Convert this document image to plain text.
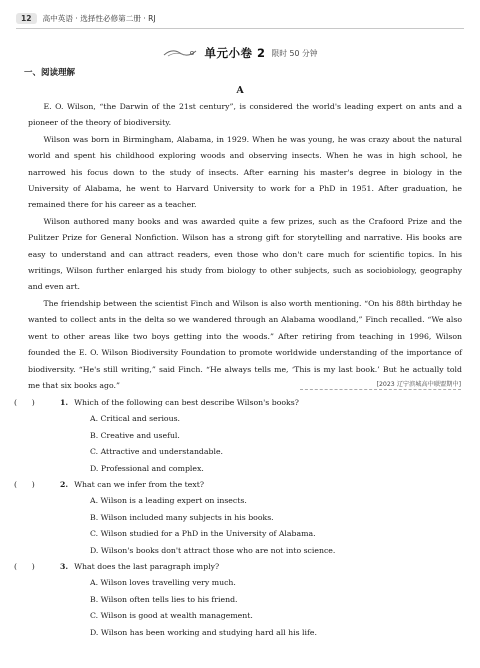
12	高中英语 · 选择性必修第二册 · RJ
单元小卷 2 限时 50 分钟
一、阅读理解
A

E. O. Wilson, “the Darwin of the 21st century”, is considered the world's leading expert on ants and a pioneer of the theory of biodiversity.

Wilson was born in Birmingham, Alabama, in 1929. When he was young, he was crazy about the natural world and spent his childhood exploring woods and observing insects. When he was in high school, he narrowed his focus down to the study of insects. After earning his master's degree in biology in the University of Alabama, he went to Harvard University to work for a PhD in 1951. After graduation, he remained there for his career as a teacher.

Wilson authored many books and was awarded quite a few prizes, such as the Crafoord Prize and the Pulitzer Prize for General Nonfiction. Wilson has a strong gift for storytelling and narrative. His books are easy to understand and can attract readers, even those who don't care much for scientific topics. In his writings, Wilson further enlarged his study from biology to other subjects, such as sociobiology, geography and even art.

The friendship between the scientist Finch and Wilson is also worth mentioning. “On his 88th birthday he wanted to collect ants in the delta so we wandered through an Alabama woodland,” Finch recalled. “We also went to other areas like two boys getting into the woods.” After retiring from teaching in 1996, Wilson founded the E. O. Wilson Biodiversity Foundation to promote worldwide understanding of the importance of biodiversity. “He's still writing,” said Finch. “He always tells me, ‘This is my last book.’ But he actually told me that six books ago.”	[2023 辽宁滨城高中联盟期中]
(      )	1. Which of the following can best describe Wilson's books?
A. Critical and serious.
B. Creative and useful.
C. Attractive and understandable.
D. Professional and complex.
(      )	2. What can we infer from the text?
A. Wilson is a leading expert on insects.
B. Wilson included many subjects in his books.
C. Wilson studied for a PhD in the University of Alabama.
D. Wilson's books don't attract those who are not into science.
(      )	3. What does the last paragraph imply?
A. Wilson loves travelling very much.
B. Wilson often tells lies to his friend.
C. Wilson is good at wealth management.
D. Wilson has been working and studying hard all his life.
